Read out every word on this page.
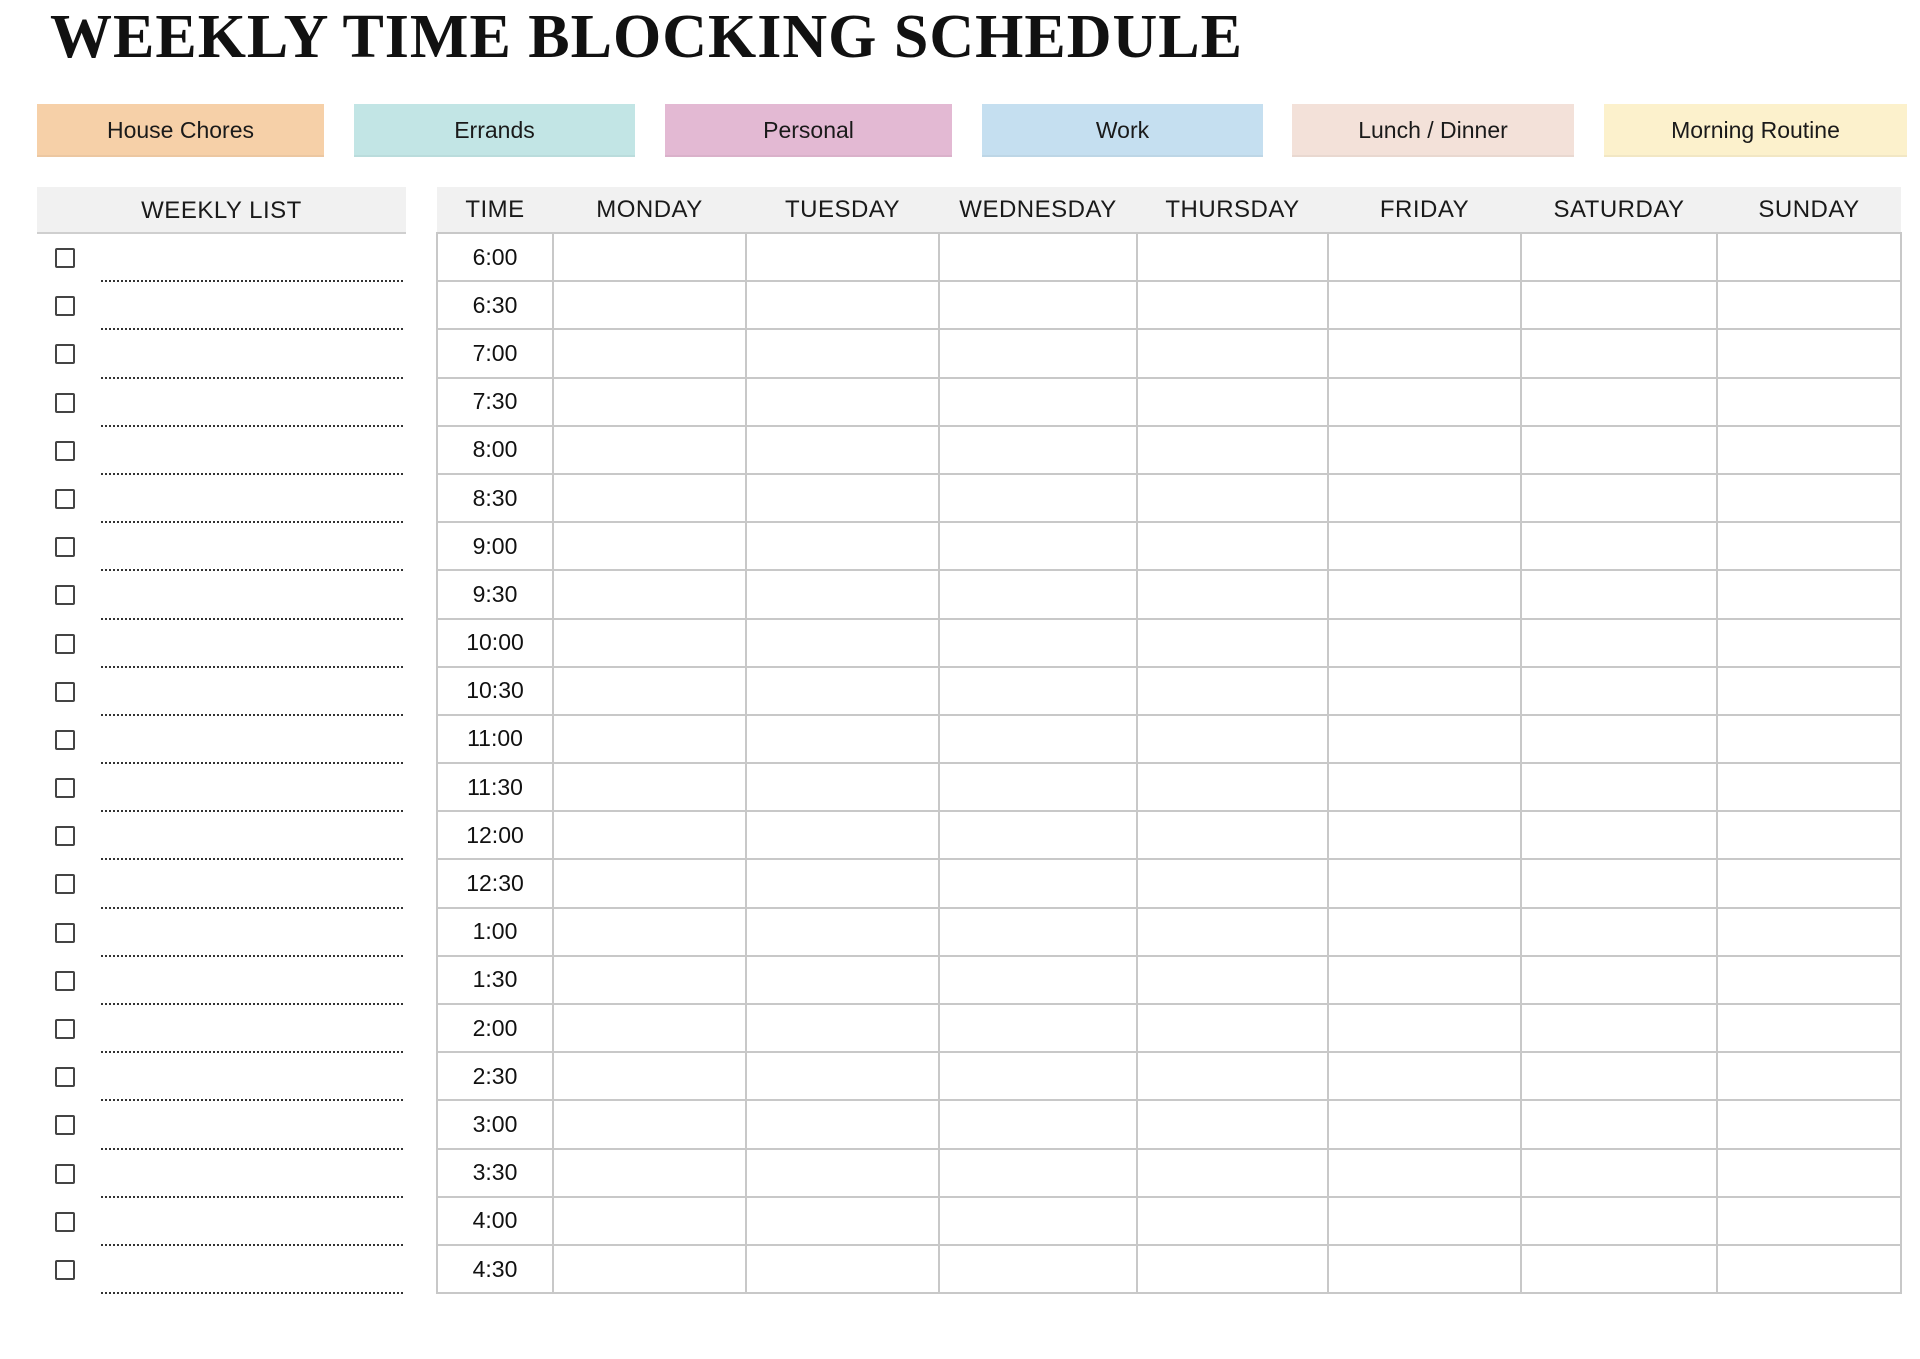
WEEKLY TIME BLOCKING SCHEDULE
House Chores	Errands	Personal	Work	Lunch / Dinner	Morning Routine
WEEKLY LIST	TIME	MONDAY	TUESDAY	WEDNESDAY	THURSDAY	FRIDAY	SATURDAY	SUNDAY
6:00							
6:30							
7:00							
7:30							
8:00							
8:30							
9:00							
9:30							
10:00							
10:30							
11:00							
11:30							
12:00							
12:30							
1:00							
1:30							
2:00							
2:30							
3:00							
3:30							
4:00							
4:30							
